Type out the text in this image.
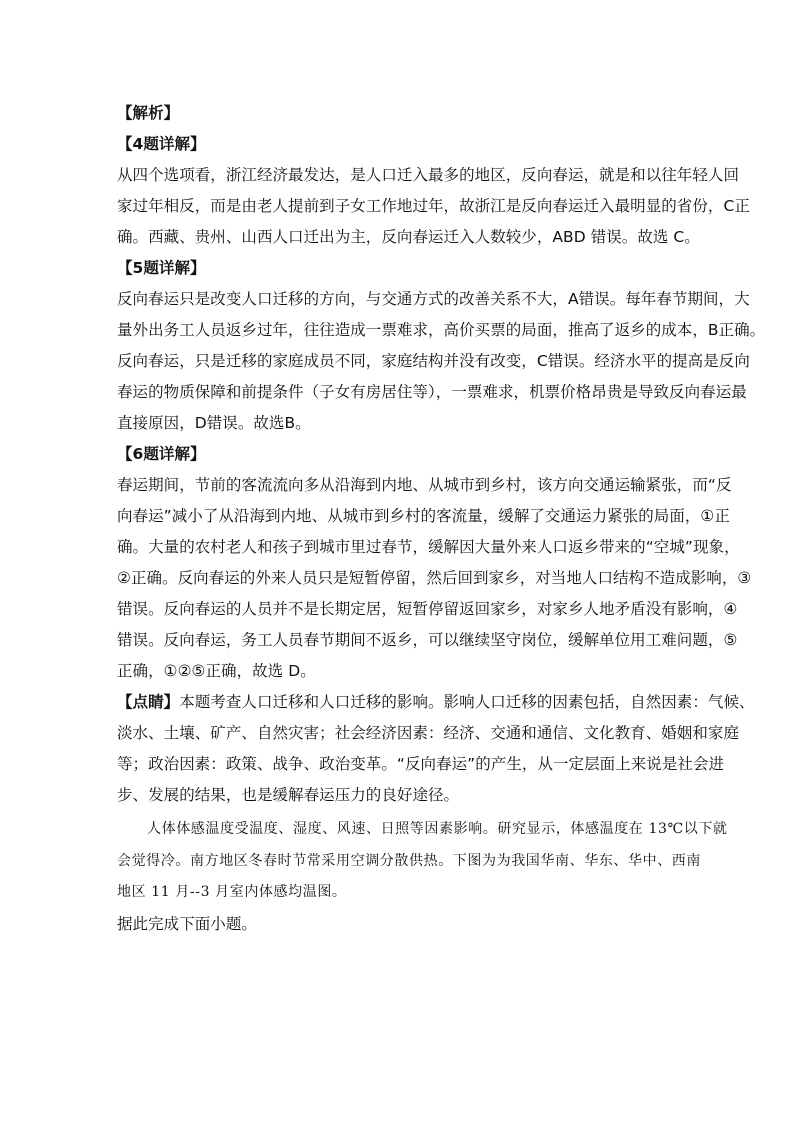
【解析】
【4题详解】
从四个选项看，浙江经济最发达，是人口迁入最多的地区，反向春运，就是和以往年轻人回
家过年相反，而是由老人提前到子女工作地过年，故浙江是反向春运迁入最明显的省份，C正
确。西藏、贵州、山西人口迁出为主，反向春运迁入人数较少，ABD 错误。故选 C。
【5题详解】
反向春运只是改变人口迁移的方向，与交通方式的改善关系不大，A错误。每年春节期间，大
量外出务工人员返乡过年，往往造成一票难求，高价买票的局面，推高了返乡的成本，B正确。
反向春运，只是迁移的家庭成员不同，家庭结构并没有改变，C错误。经济水平的提高是反向
春运的物质保障和前提条件（子女有房居住等），一票难求，机票价格昂贵是导致反向春运最
直接原因，D错误。故选B。
【6题详解】
春运期间，节前的客流流向多从沿海到内地、从城市到乡村，该方向交通运输紧张，而“反
向春运”减小了从沿海到内地、从城市到乡村的客流量，缓解了交通运力紧张的局面，①正
确。大量的农村老人和孩子到城市里过春节，缓解因大量外来人口返乡带来的“空城”现象，
②正确。反向春运的外来人员只是短暂停留，然后回到家乡，对当地人口结构不造成影响，③
错误。反向春运的人员并不是长期定居，短暂停留返回家乡，对家乡人地矛盾没有影响，④
错误。反向春运，务工人员春节期间不返乡，可以继续坚守岗位，缓解单位用工难问题，⑤
正确，①②⑤正确，故选 D。
【点睛】本题考查人口迁移和人口迁移的影响。影响人口迁移的因素包括，自然因素：气候、
淡水、土壤、矿产、自然灾害；社会经济因素：经济、交通和通信、文化教育、婚姻和家庭
等；政治因素：政策、战争、政治变革。“反向春运”的产生，从一定层面上来说是社会进
步、发展的结果，也是缓解春运压力的良好途径。
人体体感温度受温度、湿度、风速、日照等因素影响。研究显示，体感温度在 13℃以下就
会觉得冷。南方地区冬春时节常采用空调分散供热。下图为为我国华南、华东、华中、西南
地区 11 月--3 月室内体感均温图。
据此完成下面小题。
